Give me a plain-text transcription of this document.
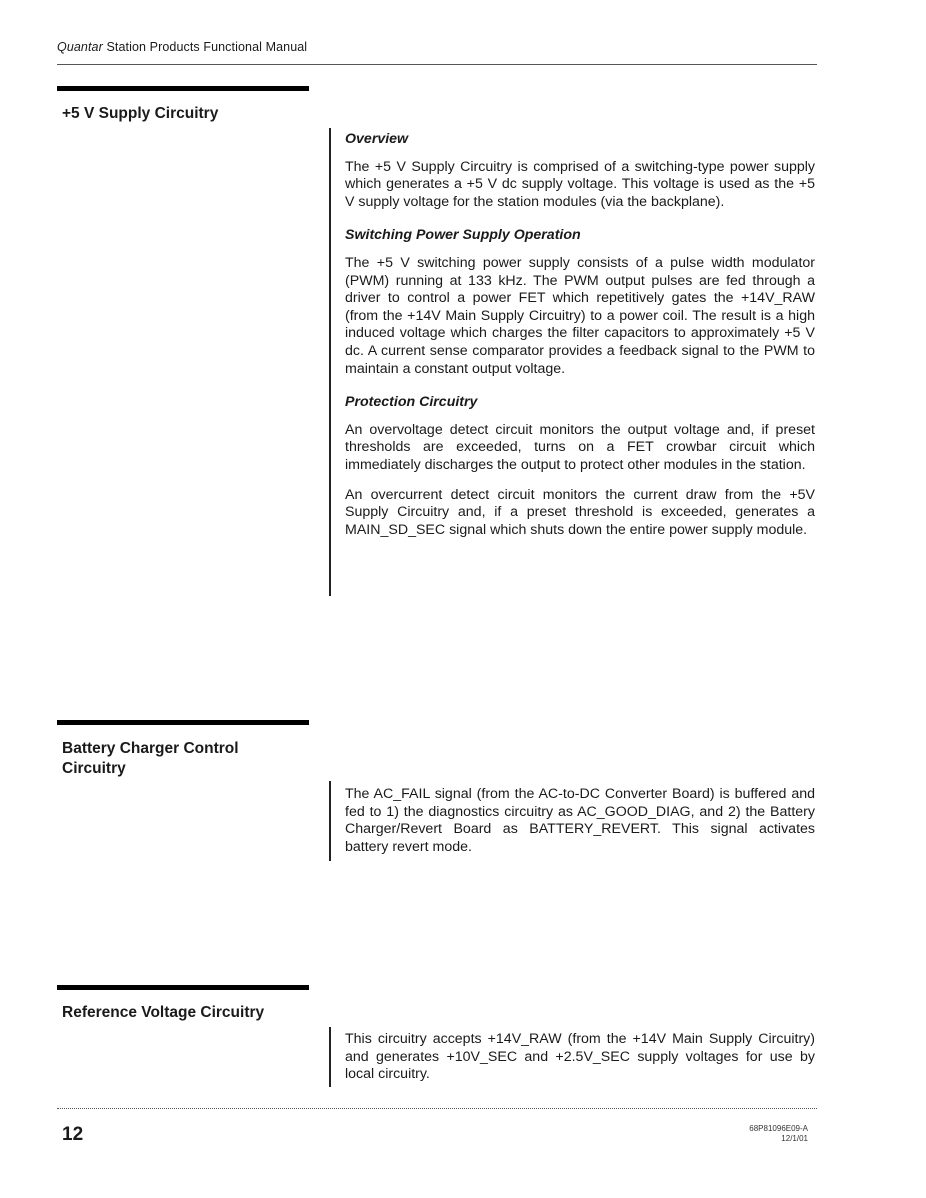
Quantar Station Products Functional Manual
+5 V Supply Circuitry
Overview
The +5 V Supply Circuitry is comprised of a switching-type power supply which generates a +5 V dc supply voltage. This voltage is used as the +5 V supply voltage for the station modules (via the backplane).
Switching Power Supply Operation
The +5 V switching power supply consists of a pulse width modulator (PWM) running at 133 kHz. The PWM output pulses are fed through a driver to control a power FET which repetitively gates the +14V_RAW (from the +14V Main Supply Circuitry) to a power coil. The result is a high induced voltage which charges the filter capacitors to approximately +5 V dc. A current sense comparator provides a feedback signal to the PWM to maintain a constant output voltage.
Protection Circuitry
An overvoltage detect circuit monitors the output voltage and, if preset thresholds are exceeded, turns on a FET crowbar circuit which immediately discharges the output to protect other modules in the station.
An overcurrent detect circuit monitors the current draw from the +5V Supply Circuitry and, if a preset threshold is exceeded, generates a MAIN_SD_SEC signal which shuts down the entire power supply module.
Battery Charger Control Circuitry
The AC_FAIL signal (from the AC-to-DC Converter Board) is buffered and fed to 1) the diagnostics circuitry as AC_GOOD_DIAG, and 2) the Battery Charger/Revert Board as BATTERY_REVERT. This signal activates battery revert mode.
Reference Voltage Circuitry
This circuitry accepts +14V_RAW (from the +14V Main Supply Circuitry) and generates +10V_SEC and +2.5V_SEC supply voltages for use by local circuitry.
12	68P81096E09-A
12/1/01
